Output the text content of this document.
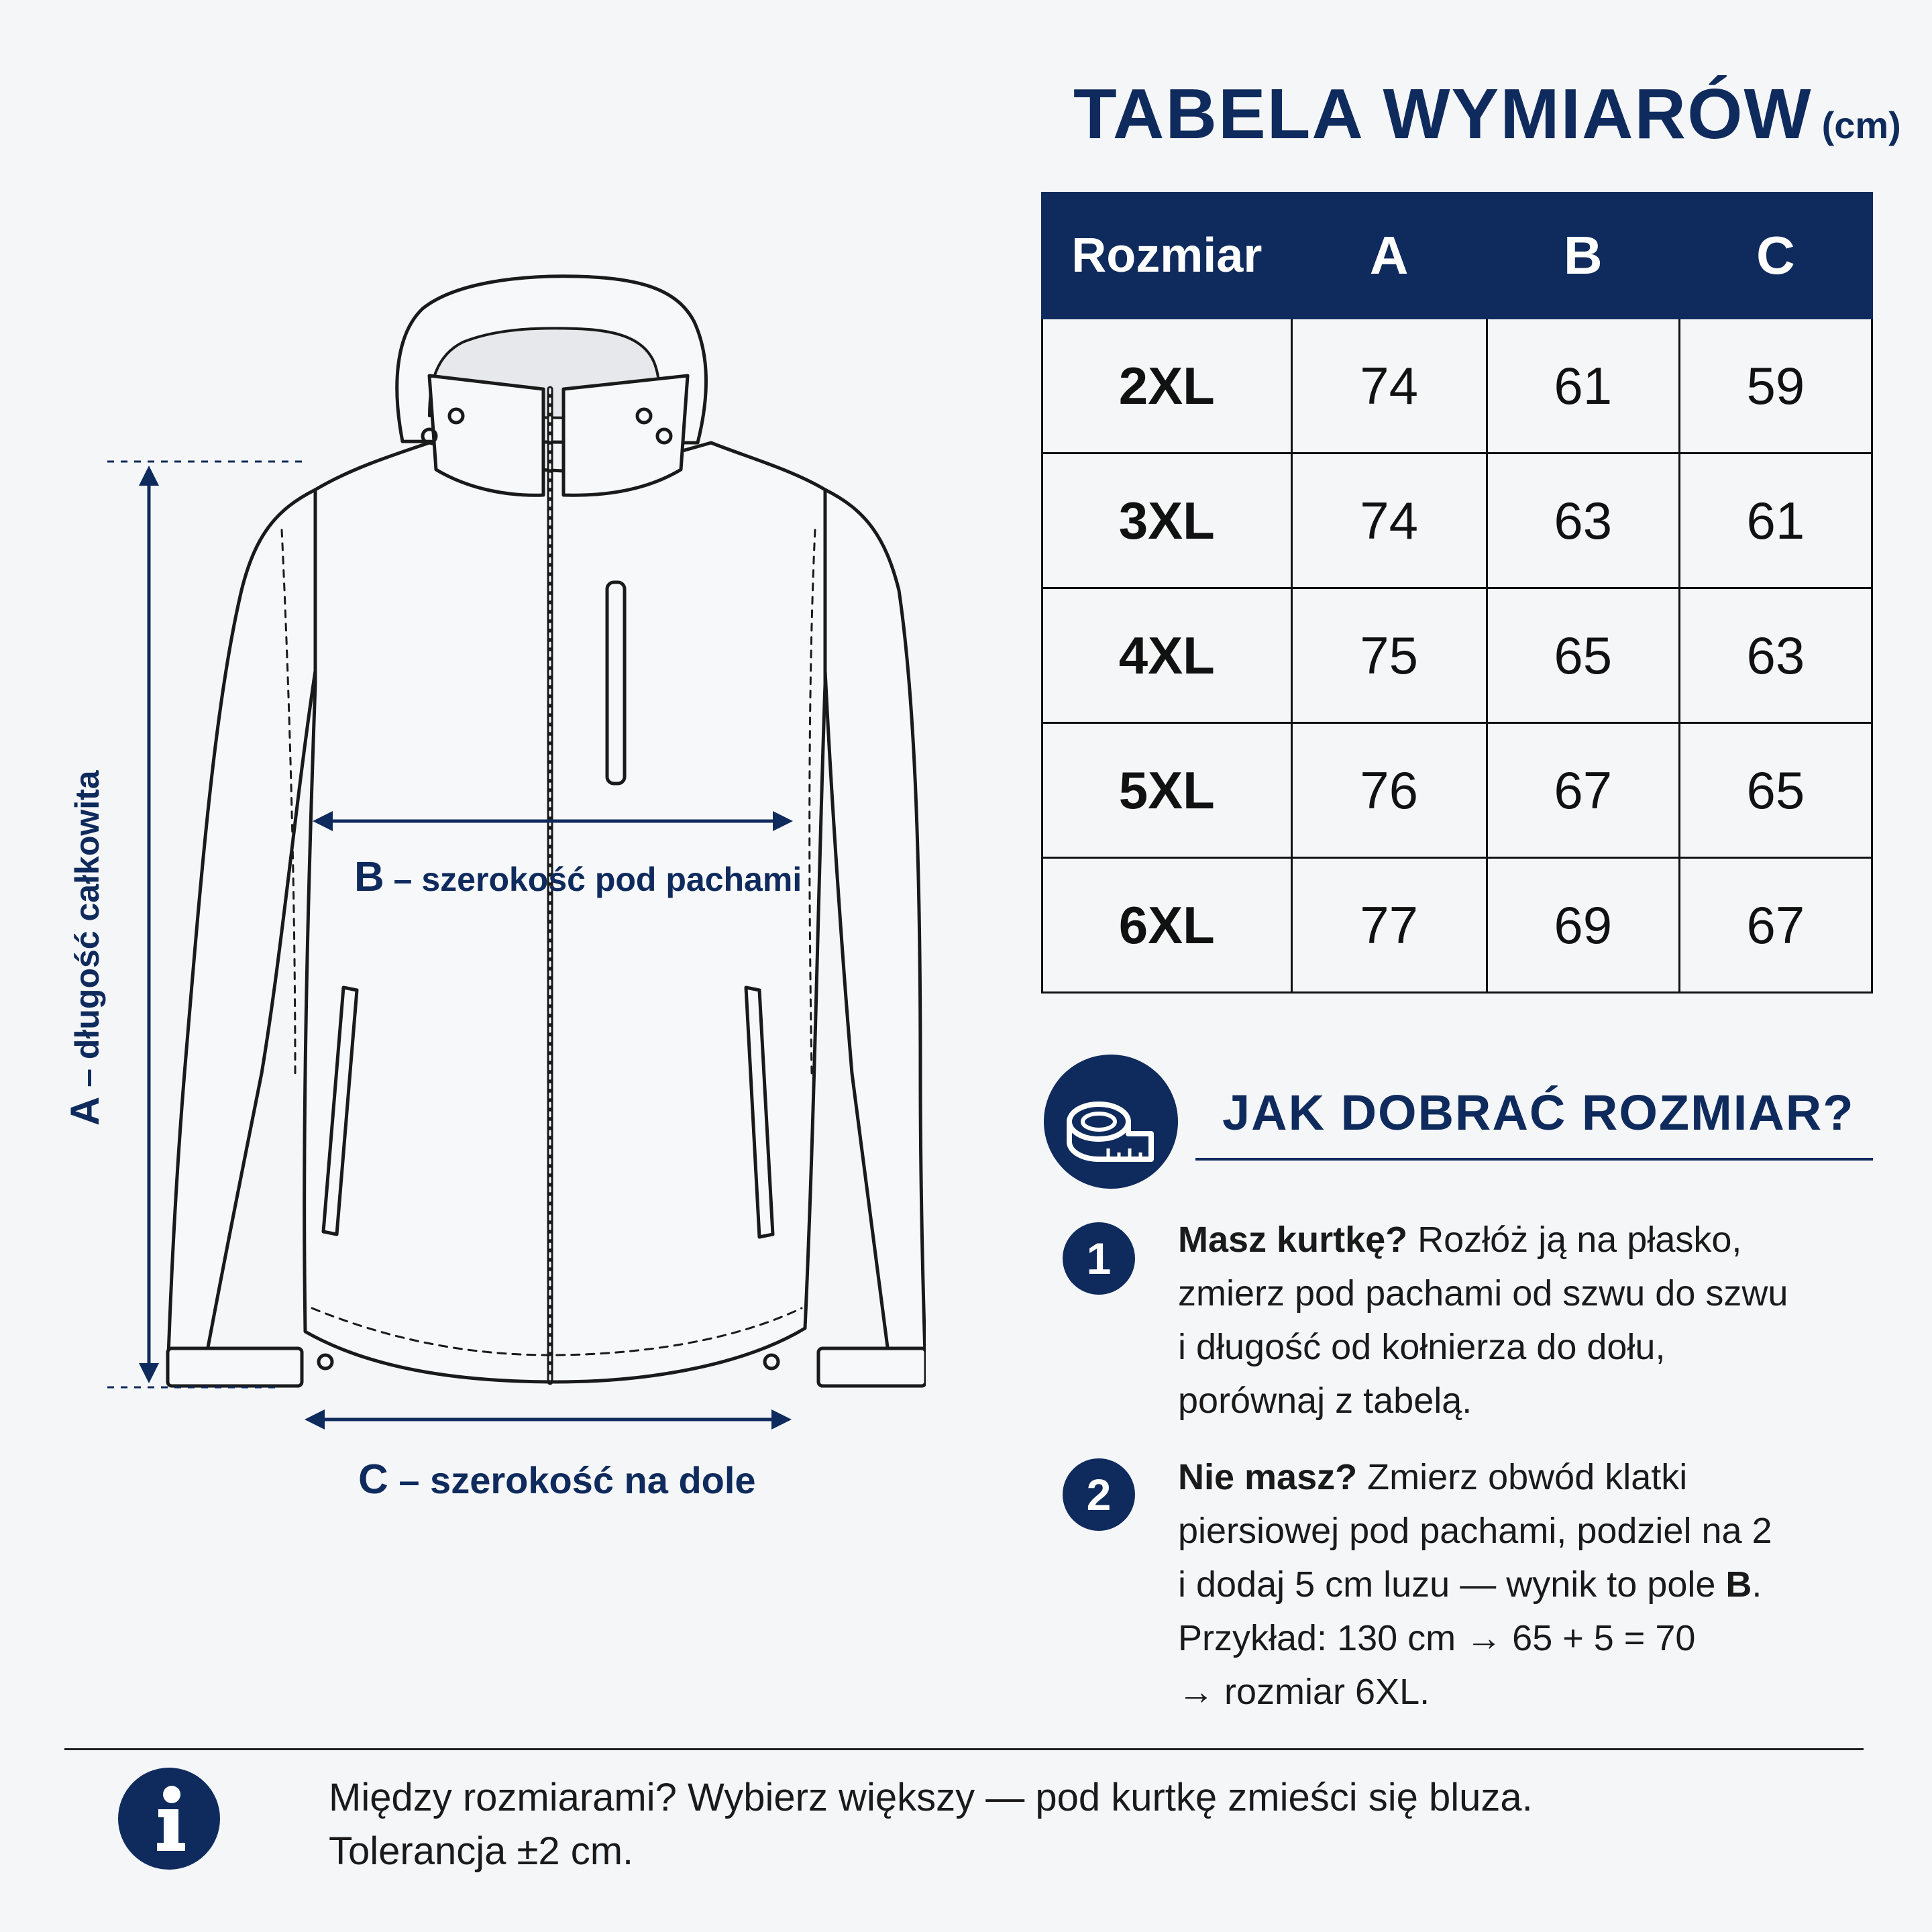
TABELA WYMIARÓW (cm)
Rozmiar	A	B	C
2XL	74	61	59
3XL	74	63	61
4XL	75	65	63
5XL	76	67	65
6XL	77	69	67
A – długość całkowita	B – szerokość pod pachami
C – szerokość na dole
JAK DOBRAĆ ROZMIAR?
1	Masz kurtkę? Rozłóż ją na płasko,
zmierz pod pachami od szwu do szwu
i długość od kołnierza do dołu,
porównaj z tabelą.
2	Nie masz? Zmierz obwód klatki
piersiowej pod pachami, podziel na 2
i dodaj 5 cm luzu — wynik to pole B.
Przykład: 130 cm → 65 + 5 = 70
→ rozmiar 6XL.
Między rozmiarami? Wybierz większy — pod kurtkę zmieści się bluza.
Tolerancja ±2 cm.
